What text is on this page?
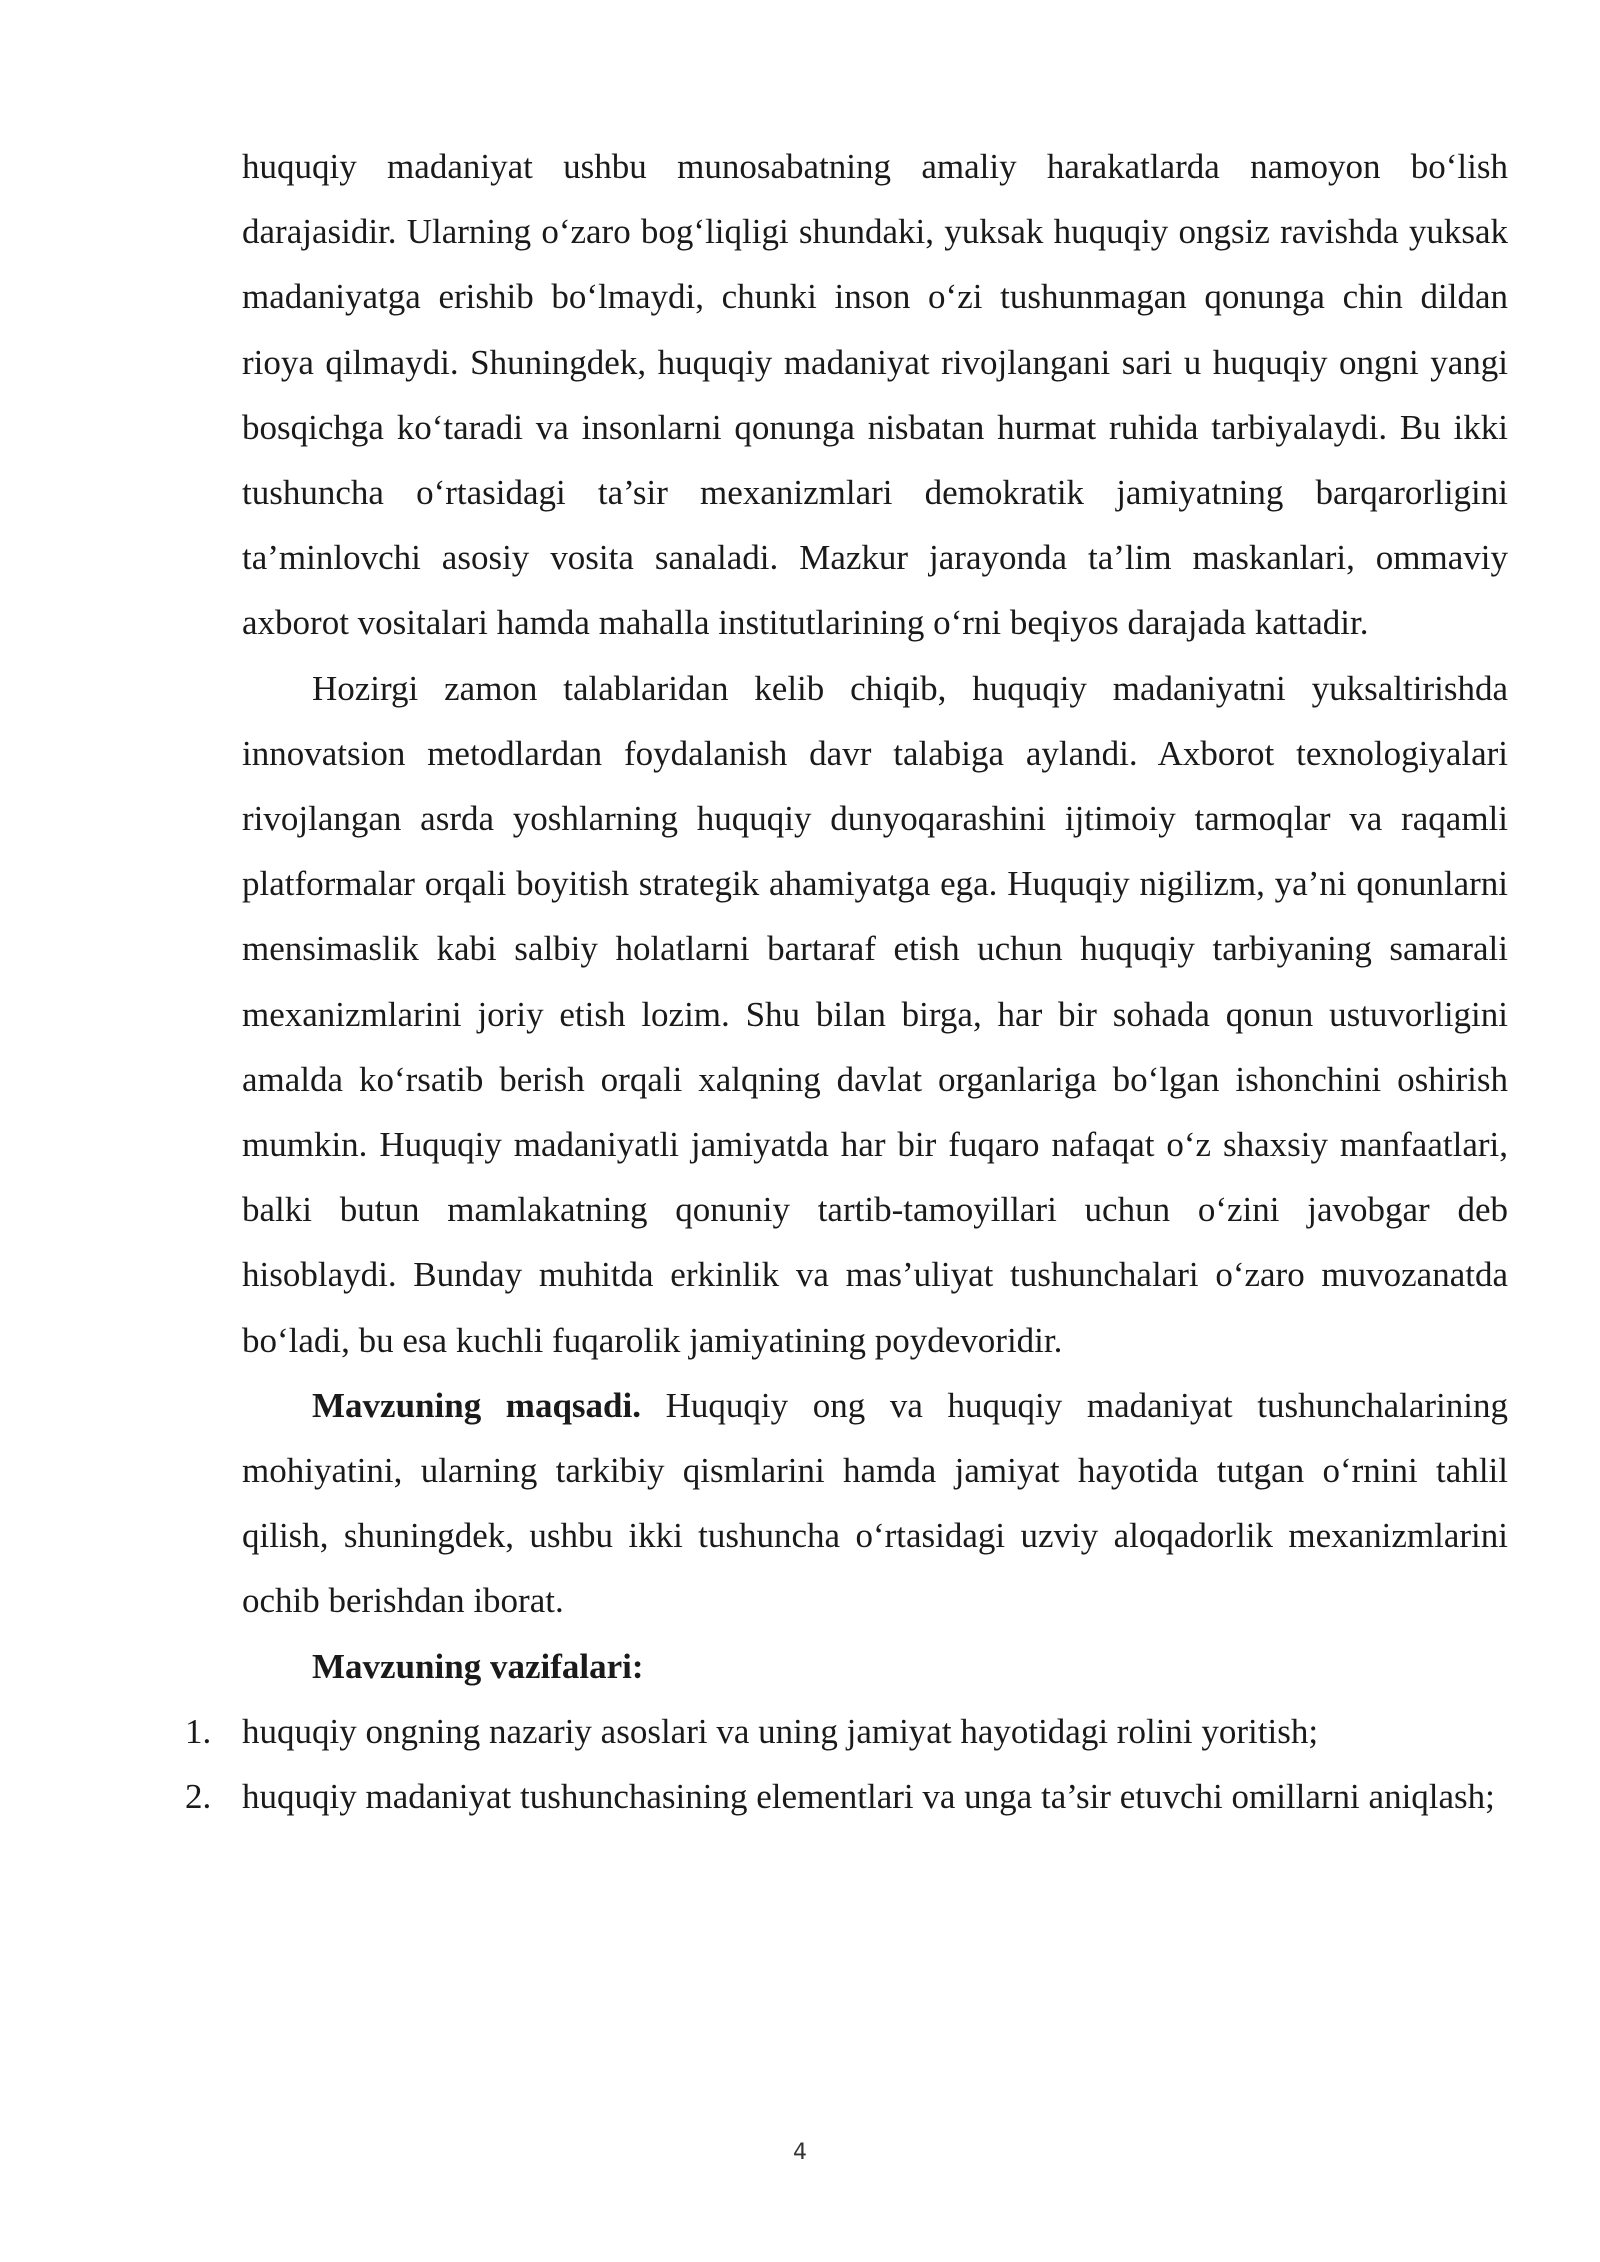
huquqiy madaniyat ushbu munosabatning amaliy harakatlarda namoyon bo‘lish darajasidir. Ularning o‘zaro bog‘liqligi shundaki, yuksak huquqiy ongsiz ravishda yuksak madaniyatga erishib bo‘lmaydi, chunki inson o‘zi tushunmagan qonunga chin dildan rioya qilmaydi. Shuningdek, huquqiy madaniyat rivojlangani sari u huquqiy ongni yangi bosqichga ko‘taradi va insonlarni qonunga nisbatan hurmat ruhida tarbiyalaydi. Bu ikki tushuncha o‘rtasidagi ta’sir mexanizmlari demokratik jamiyatning barqarorligini ta’minlovchi asosiy vosita sanaladi. Mazkur jarayonda ta’lim maskanlari, ommaviy axborot vositalari hamda mahalla institutlarining o‘rni beqiyos darajada kattadir.

Hozirgi zamon talablaridan kelib chiqib, huquqiy madaniyatni yuksaltirishda innovatsion metodlardan foydalanish davr talabiga aylandi. Axborot texnologiyalari rivojlangan asrda yoshlarning huquqiy dunyoqarashini ijtimoiy tarmoqlar va raqamli platformalar orqali boyitish strategik ahamiyatga ega. Huquqiy nigilizm, ya’ni qonunlarni mensimaslik kabi salbiy holatlarni bartaraf etish uchun huquqiy tarbiyaning samarali mexanizmlarini joriy etish lozim. Shu bilan birga, har bir sohada qonun ustuvorligini amalda ko‘rsatib berish orqali xalqning davlat organlariga bo‘lgan ishonchini oshirish mumkin. Huquqiy madaniyatli jamiyatda har bir fuqaro nafaqat o‘z shaxsiy manfaatlari, balki butun mamlakatning qonuniy tartib-tamoyillari uchun o‘zini javobgar deb hisoblaydi. Bunday muhitda erkinlik va mas’uliyat tushunchalari o‘zaro muvozanatda bo‘ladi, bu esa kuchli fuqarolik jamiyatining poydevoridir.

Mavzuning maqsadi. Huquqiy ong va huquqiy madaniyat tushunchalarining mohiyatini, ularning tarkibiy qismlarini hamda jamiyat hayotida tutgan o‘rnini tahlil qilish, shuningdek, ushbu ikki tushuncha o‘rtasidagi uzviy aloqadorlik mexanizmlarini ochib berishdan iborat.

Mavzuning vazifalari:

1. huquqiy ongning nazariy asoslari va uning jamiyat hayotidagi rolini yoritish;
2. huquqiy madaniyat tushunchasining elementlari va unga ta’sir etuvchi omillarni aniqlash;
4
